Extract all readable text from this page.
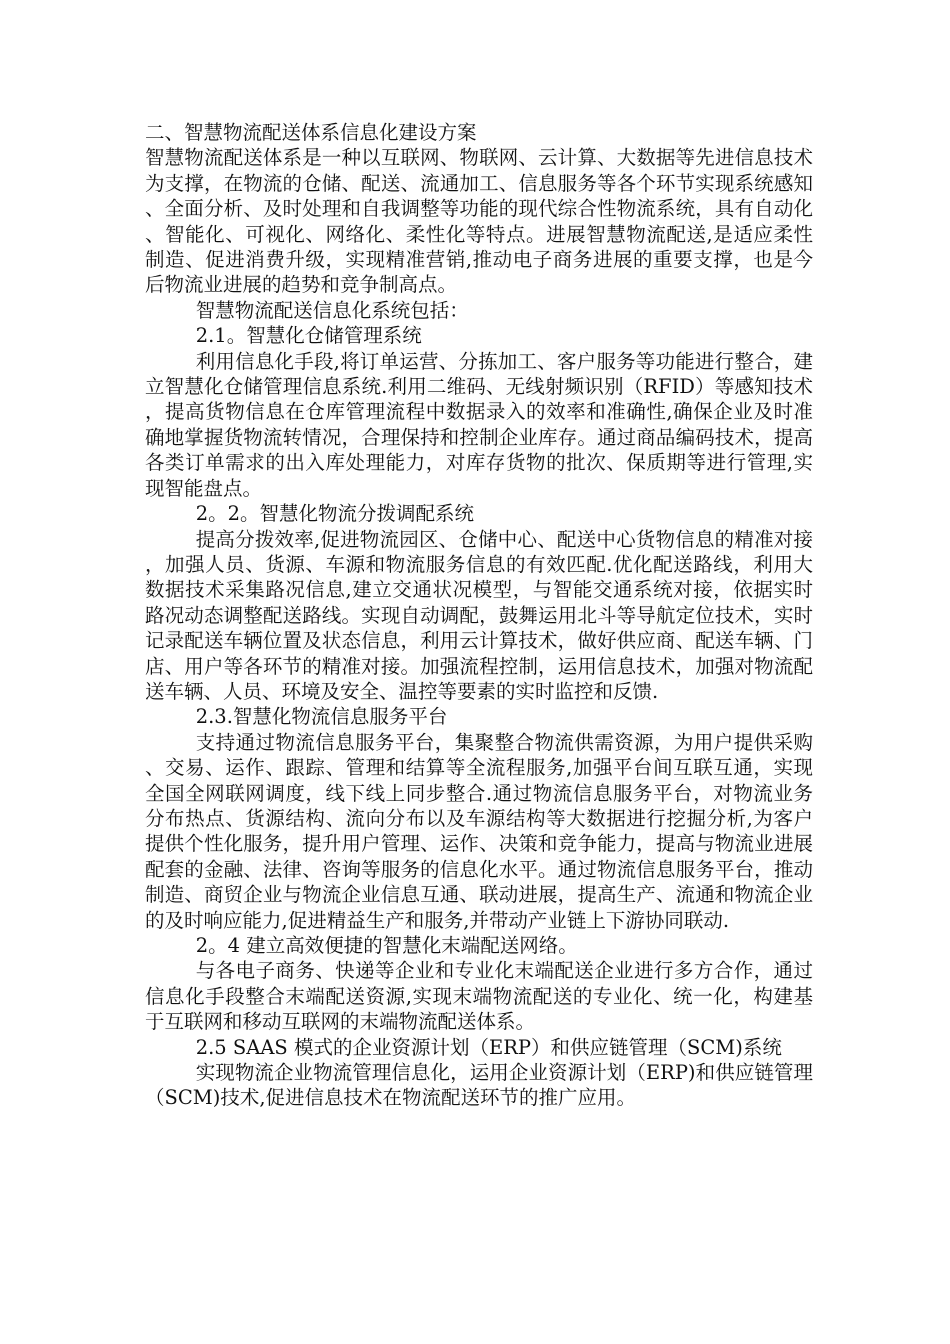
二、智慧物流配送体系信息化建设方案

智慧物流配送体系是一种以互联网、物联网、云计算、大数据等先进信息技术为支撑，在物流的仓储、配送、流通加工、信息服务等各个环节实现系统感知、全面分析、及时处理和自我调整等功能的现代综合性物流系统，具有自动化、智能化、可视化、网络化、柔性化等特点。进展智慧物流配送,是适应柔性制造、促进消费升级，实现精准营销,推动电子商务进展的重要支撑，也是今后物流业进展的趋势和竞争制高点。

智慧物流配送信息化系统包括：

2.1。智慧化仓储管理系统

利用信息化手段,将订单运营、分拣加工、客户服务等功能进行整合，建立智慧化仓储管理信息系统.利用二维码、无线射频识别（RFID）等感知技术，提高货物信息在仓库管理流程中数据录入的效率和准确性,确保企业及时准确地掌握货物流转情况，合理保持和控制企业库存。通过商品编码技术，提高各类订单需求的出入库处理能力，对库存货物的批次、保质期等进行管理,实现智能盘点。

2。2。智慧化物流分拨调配系统

提高分拨效率,促进物流园区、仓储中心、配送中心货物信息的精准对接，加强人员、货源、车源和物流服务信息的有效匹配.优化配送路线，利用大数据技术采集路况信息,建立交通状况模型，与智能交通系统对接，依据实时路况动态调整配送路线。实现自动调配，鼓舞运用北斗等导航定位技术，实时记录配送车辆位置及状态信息，利用云计算技术，做好供应商、配送车辆、门店、用户等各环节的精准对接。加强流程控制，运用信息技术，加强对物流配送车辆、人员、环境及安全、温控等要素的实时监控和反馈.

2.3.智慧化物流信息服务平台

支持通过物流信息服务平台，集聚整合物流供需资源，为用户提供采购、交易、运作、跟踪、管理和结算等全流程服务,加强平台间互联互通，实现全国全网联网调度，线下线上同步整合.通过物流信息服务平台，对物流业务分布热点、货源结构、流向分布以及车源结构等大数据进行挖掘分析,为客户提供个性化服务，提升用户管理、运作、决策和竞争能力，提高与物流业进展配套的金融、法律、咨询等服务的信息化水平。通过物流信息服务平台，推动制造、商贸企业与物流企业信息互通、联动进展，提高生产、流通和物流企业的及时响应能力,促进精益生产和服务,并带动产业链上下游协同联动.

2。4 建立高效便捷的智慧化末端配送网络。

与各电子商务、快递等企业和专业化末端配送企业进行多方合作，通过信息化手段整合末端配送资源,实现末端物流配送的专业化、统一化，构建基于互联网和移动互联网的末端物流配送体系。

2.5 SAAS 模式的企业资源计划（ERP）和供应链管理（SCM)系统

实现物流企业物流管理信息化，运用企业资源计划（ERP)和供应链管理（SCM)技术,促进信息技术在物流配送环节的推广应用。
